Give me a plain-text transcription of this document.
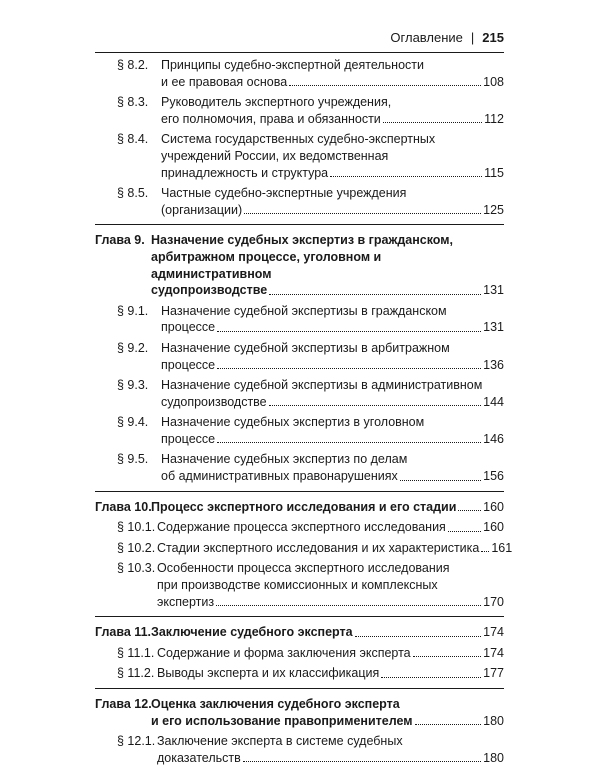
Оглавление | 215
§ 8.2.	Принципы судебно-экспертной деятельности
и ее правовая основа	108
§ 8.3.	Руководитель экспертного учреждения,
его полномочия, права и обязанности	112
§ 8.4.	Система государственных судебно-экспертных
учреждений России, их ведомственная
принадлежность и структура	115
§ 8.5.	Частные судебно-экспертные учреждения
(организации)	125
Глава 9. Назначение судебных экспертиз в гражданском,
арбитражном процессе, уголовном и административном
судопроизводстве	131
§ 9.1.	Назначение судебной экспертизы в гражданском
процессе	131
§ 9.2.	Назначение судебной экспертизы в арбитражном
процессе	136
§ 9.3.	Назначение судебной экспертизы в административном
судопроизводстве	144
§ 9.4.	Назначение судебных экспертиз в уголовном
процессе	146
§ 9.5.	Назначение судебных экспертиз по делам
об административных правонарушениях	156
Глава 10. Процесс экспертного исследования и его стадии 160
§ 10.1. Содержание процесса экспертного исследования	160
§ 10.2. Стадии экспертного исследования и их характеристика 161
§ 10.3. Особенности процесса экспертного исследования
при производстве комиссионных и комплексных
экспертиз	170
Глава 11. Заключение судебного эксперта	174
§ 11.1. Содержание и форма заключения эксперта	174
§ 11.2. Выводы эксперта и их классификация	177
Глава 12. Оценка заключения судебного эксперта
и его использование правоприменителем	180
§ 12.1. Заключение эксперта в системе судебных
доказательств	180
